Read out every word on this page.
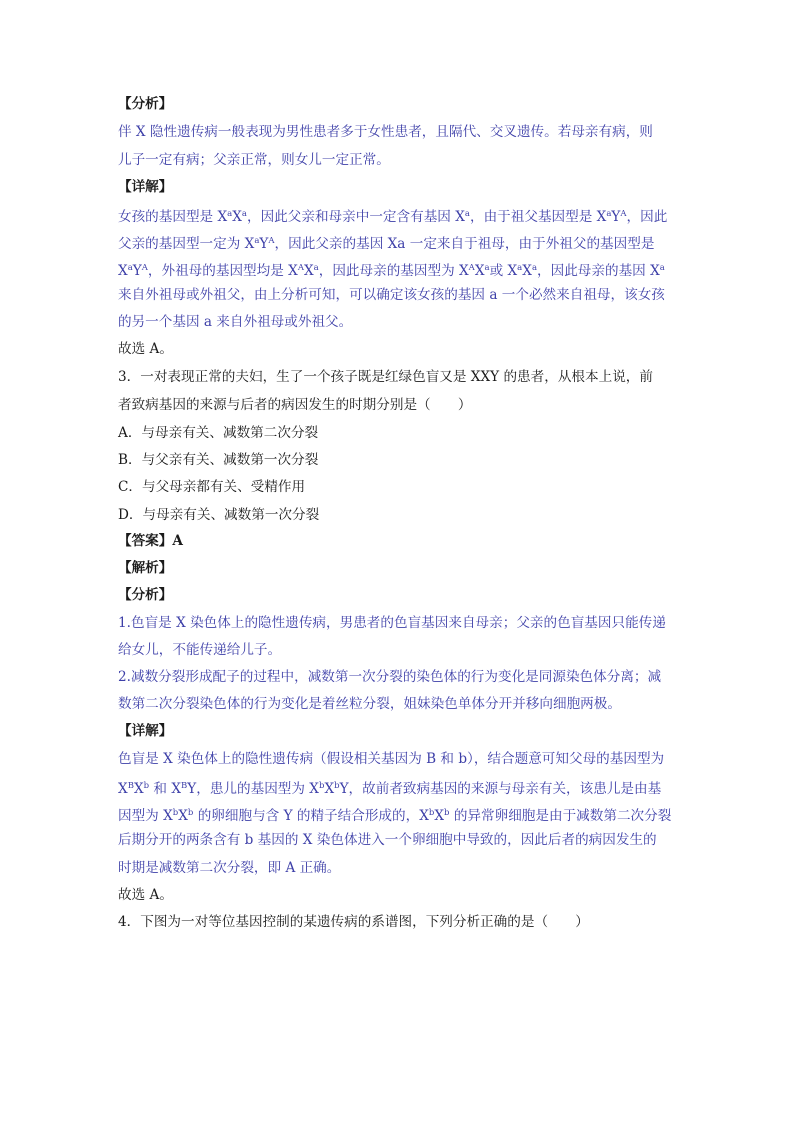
【分析】
伴 X 隐性遗传病一般表现为男性患者多于女性患者，且隔代、交叉遗传。若母亲有病，则
儿子一定有病；父亲正常，则女儿一定正常。
【详解】
女孩的基因型是 $X^aX^a$，因此父亲和母亲中一定含有基因 $X^a$，由于祖父基因型是 $X^aY^A$，因此
父亲的基因型一定为 $X^aY^A$，因此父亲的基因 Xa 一定来自于祖母，由于外祖父的基因型是
$X^aY^A$，外祖母的基因型均是 $X^AX^a$，因此母亲的基因型为 $X^AX^a$或 $X^aX^a$，因此母亲的基因 $X^a$
来自外祖母或外祖父，由上分析可知，可以确定该女孩的基因 a 一个必然来自祖母，该女孩
的另一个基因 a 来自外祖母或外祖父。
故选 A。
3．一对表现正常的夫妇，生了一个孩子既是红绿色盲又是 XXY 的患者，从根本上说，前
者致病基因的来源与后者的病因发生的时期分别是（　　）
A．与母亲有关、减数第二次分裂
B．与父亲有关、减数第一次分裂
C．与父母亲都有关、受精作用
D．与母亲有关、减数第一次分裂
【答案】A
【解析】
【分析】
1.色盲是 X 染色体上的隐性遗传病，男患者的色盲基因来自母亲；父亲的色盲基因只能传递
给女儿，不能传递给儿子。
2.减数分裂形成配子的过程中，减数第一次分裂的染色体的行为变化是同源染色体分离；减
数第二次分裂染色体的行为变化是着丝粒分裂，姐妹染色单体分开并移向细胞两极。
【详解】
色盲是 X 染色体上的隐性遗传病（假设相关基因为 B 和 b），结合题意可知父母的基因型为
$X^BX^b$ 和 $X^BY$，患儿的基因型为 $X^bX^bY$，故前者致病基因的来源与母亲有关，该患儿是由基
因型为 $X^bX^b$ 的卵细胞与含 Y 的精子结合形成的，$X^bX^b$ 的异常卵细胞是由于减数第二次分裂
后期分开的两条含有 b 基因的 X 染色体进入一个卵细胞中导致的，因此后者的病因发生的
时期是减数第二次分裂，即 A 正确。
故选 A。
4．下图为一对等位基因控制的某遗传病的系谱图，下列分析正确的是（　　）
